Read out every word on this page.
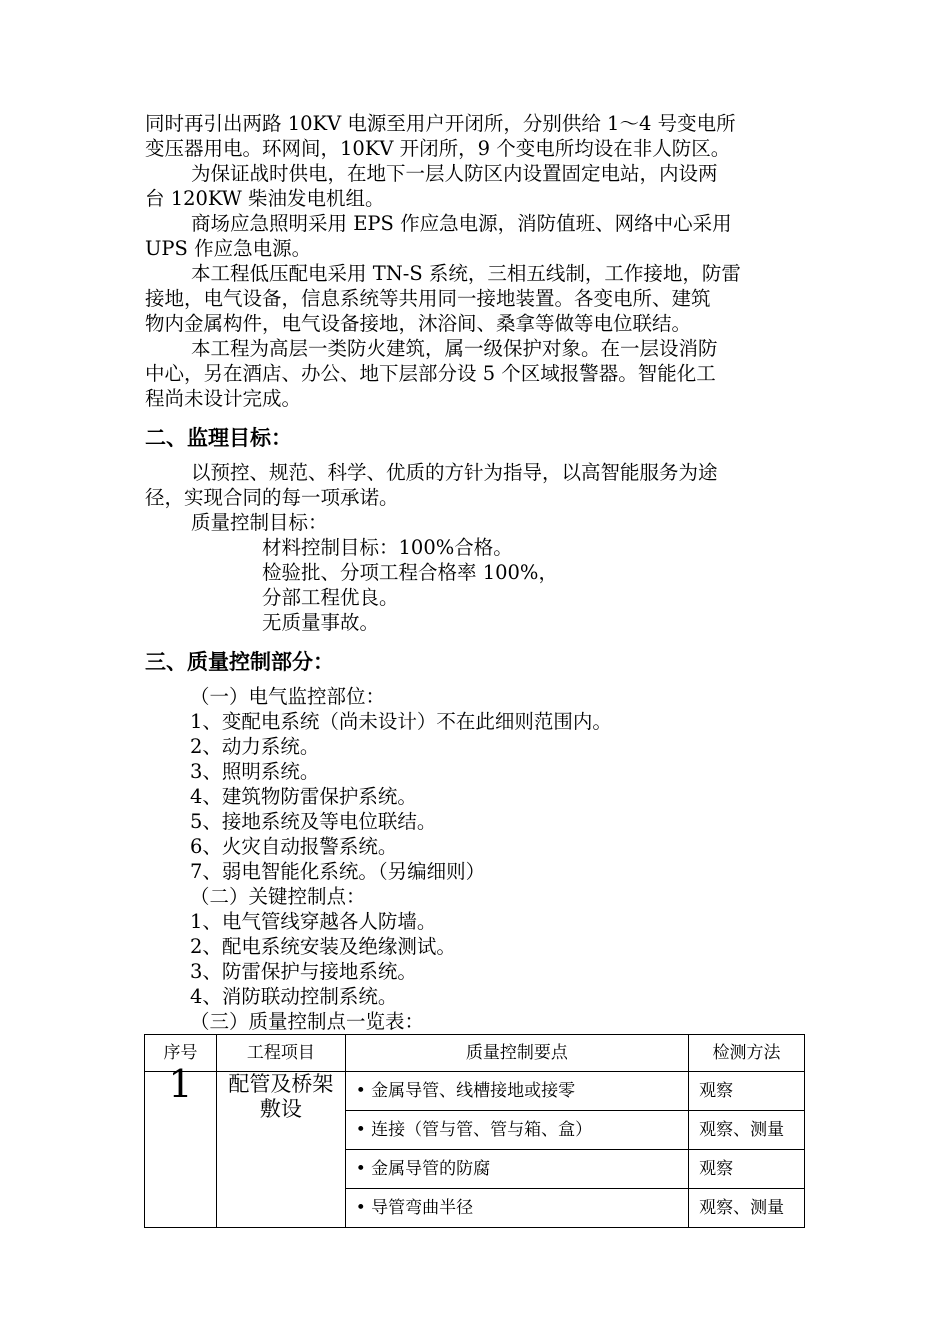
同时再引出两路 10KV 电源至用户开闭所，分别供给 1～4 号变电所
变压器用电。环网间，10KV 开闭所，9 个变电所均设在非人防区。
为保证战时供电，在地下一层人防区内设置固定电站，内设两
台 120KW 柴油发电机组。
商场应急照明采用 EPS 作应急电源，消防值班、网络中心采用
UPS 作应急电源。
本工程低压配电采用 TN-S 系统，三相五线制，工作接地，防雷
接地，电气设备，信息系统等共用同一接地装置。各变电所、建筑
物内金属构件，电气设备接地，沐浴间、桑拿等做等电位联结。
本工程为高层一类防火建筑，属一级保护对象。在一层设消防
中心，另在酒店、办公、地下层部分设 5 个区域报警器。智能化工
程尚未设计完成。
二、监理目标：
以预控、规范、科学、优质的方针为指导，以高智能服务为途
径，实现合同的每一项承诺。
质量控制目标：
材料控制目标：100%合格。
检验批、分项工程合格率 100%，
分部工程优良。
无质量事故。
三、质量控制部分：
（一）电气监控部位：
1、变配电系统（尚未设计）不在此细则范围内。
2、动力系统。
3、照明系统。
4、建筑物防雷保护系统。
5、接地系统及等电位联结。
6、火灾自动报警系统。
7、弱电智能化系统。（另编细则）
（二）关键控制点：
1、电气管线穿越各人防墙。
2、配电系统安装及绝缘测试。
3、防雷保护与接地系统。
4、消防联动控制系统。
（三）质量控制点一览表：
序号	工程项目	质量控制要点	检测方法
1	配管及桥架
敷设	• 金属导管、线槽接地或接零	观察
		• 连接（管与管、管与箱、盒）	观察、测量
		• 金属导管的防腐	观察
		• 导管弯曲半径	观察、测量
